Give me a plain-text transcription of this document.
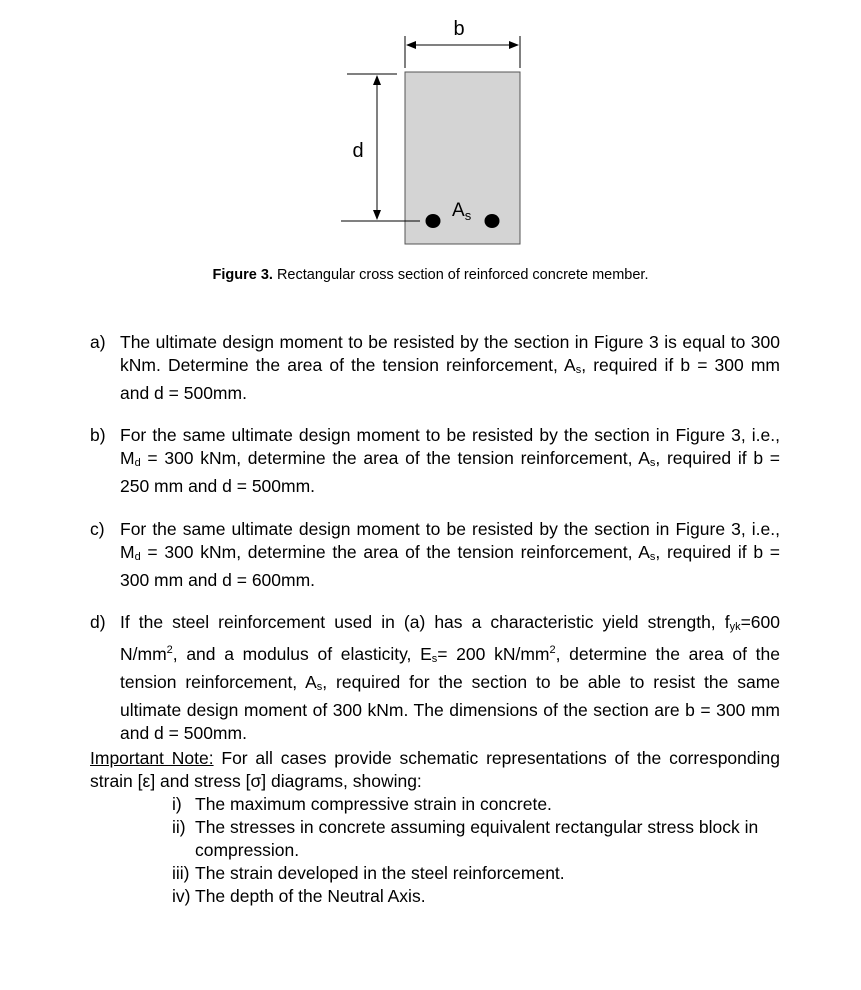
b
d
$A_s$
Figure 3. Rectangular cross section of reinforced concrete member.
a) The ultimate design moment to be resisted by the section in Figure 3 is equal to 300 kNm. Determine the area of the tension reinforcement, $A_s$, required if b = 300 mm and d = 500mm.
b) For the same ultimate design moment to be resisted by the section in Figure 3, i.e., $M_d = 300$ kNm, determine the area of the tension reinforcement, $A_s$, required if b = 250 mm and d = 500mm.
c) For the same ultimate design moment to be resisted by the section in Figure 3, i.e., $M_d = 300$ kNm, determine the area of the tension reinforcement, $A_s$, required if b = 300 mm and d = 600mm.
d) If the steel reinforcement used in (a) has a characteristic yield strength, $f_{yk}=600$ $N/mm^2$, and a modulus of elasticity, $E_s= 200$ $kN/mm^2$, determine the area of the tension reinforcement, $A_s$, required for the section to be able to resist the same ultimate design moment of 300 kNm. The dimensions of the section are b = 300 mm and d = 500mm.
Important Note: For all cases provide schematic representations of the corresponding strain [ε] and stress [σ] diagrams, showing:
i) The maximum compressive strain in concrete.
ii) The stresses in concrete assuming equivalent rectangular stress block in compression.
iii) The strain developed in the steel reinforcement.
iv) The depth of the Neutral Axis.
